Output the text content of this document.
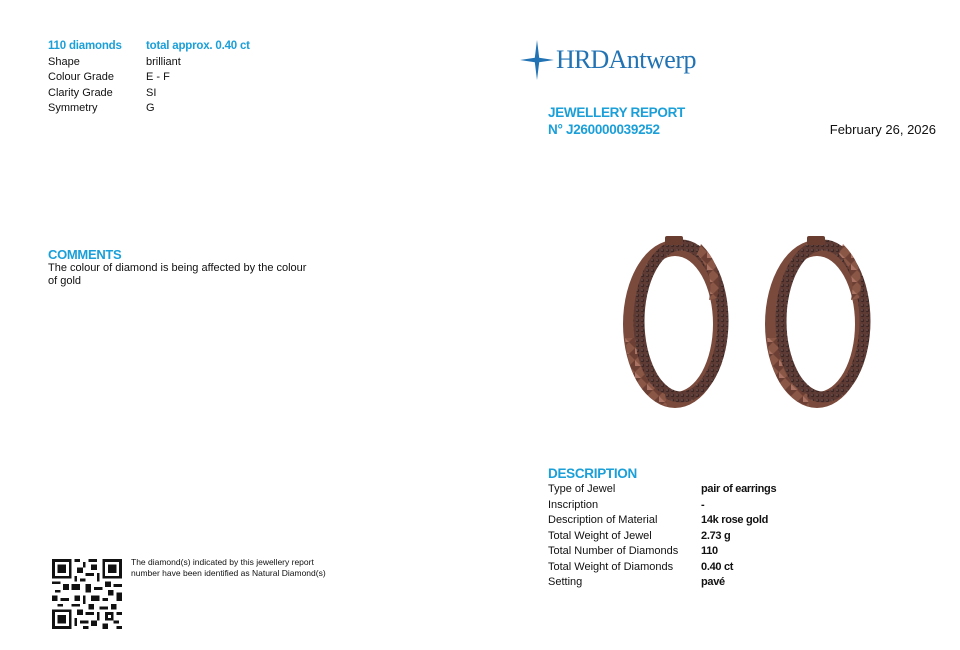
110 diamonds	total approx. 0.40 ct
Shape	brilliant
Colour Grade	E - F
Clarity Grade	SI
Symmetry	G
COMMENTS
The colour of diamond is being affected by the colour of gold
The diamond(s) indicated by this jewellery report number have been identified as Natural Diamond(s)
HRDAntwerp
JEWELLERY REPORT
N° J260000039252	February 26, 2026
DESCRIPTION
Type of Jewel	pair of earrings
Inscription	-
Description of Material	14k rose gold
Total Weight of Jewel	2.73 g
Total Number of Diamonds	110
Total Weight of Diamonds	0.40 ct
Setting	pavé
